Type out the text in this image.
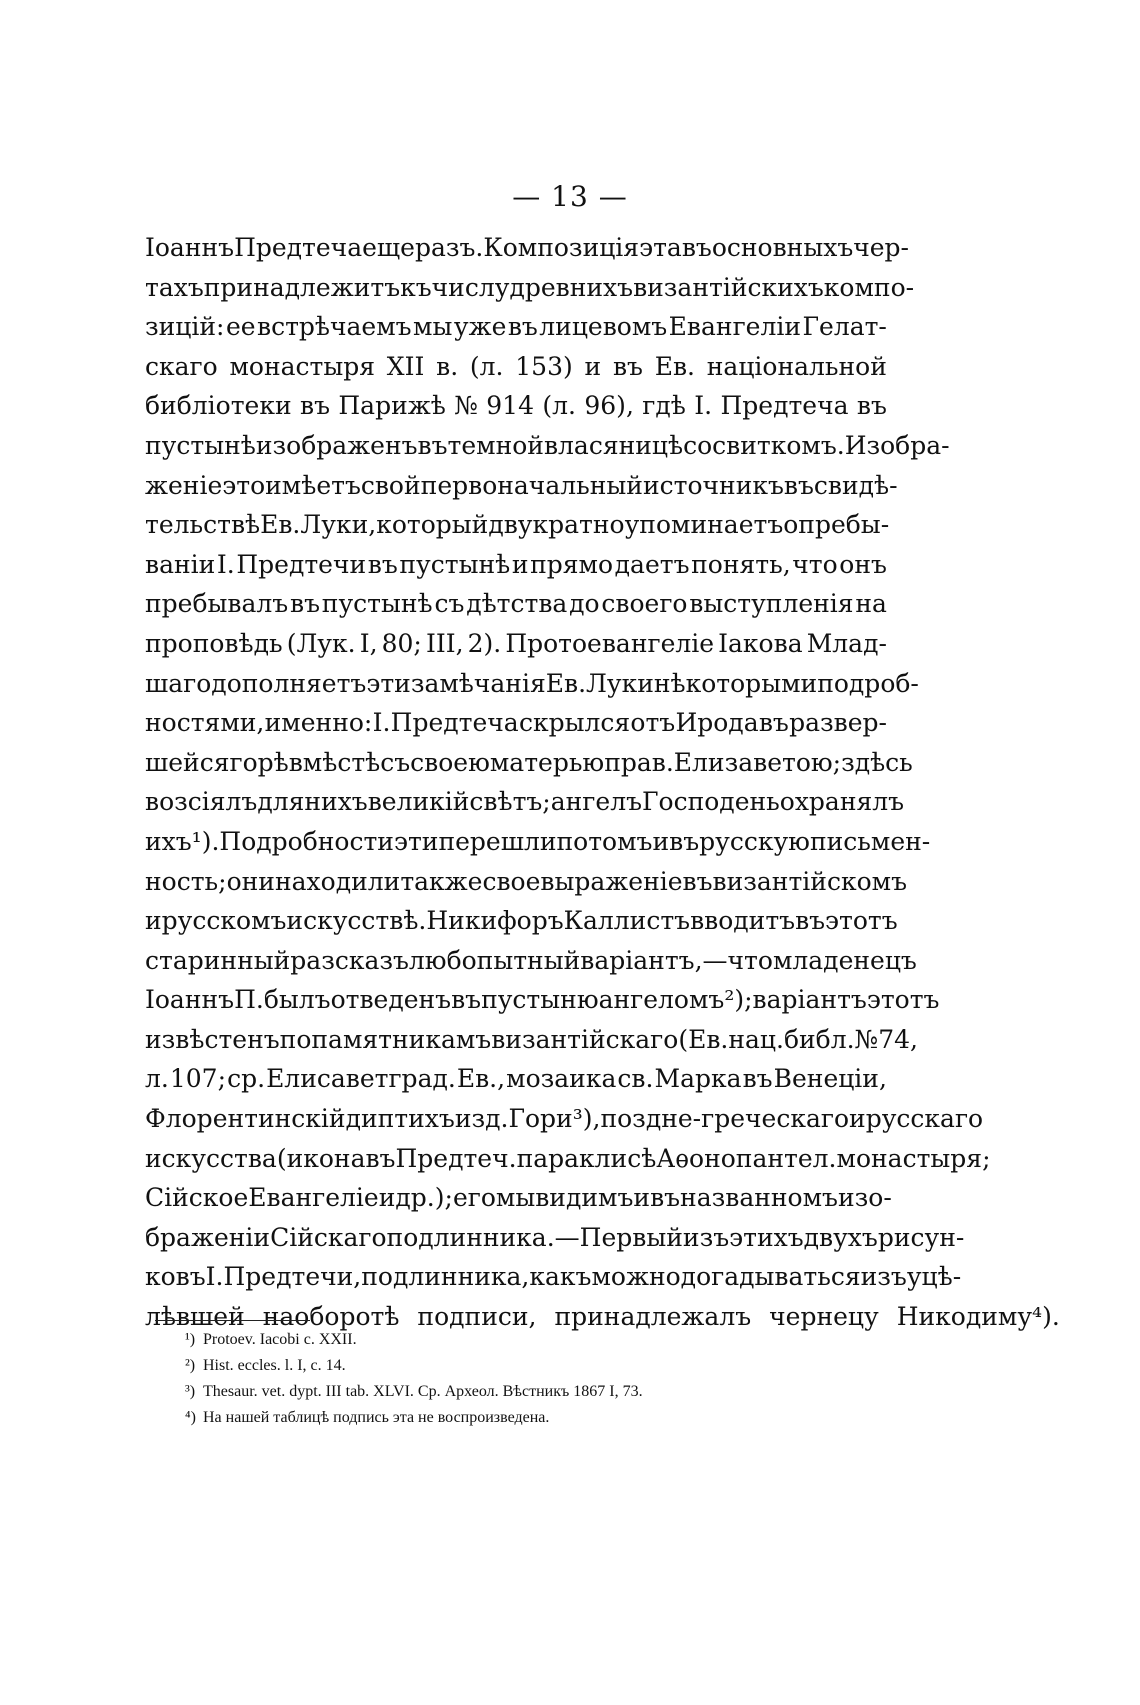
— 13 —
Іоаннъ Предтеча еще разъ. Композиція эта въ основныхъ чер-
тахъ принадлежитъ къ числу древнихъ византійскихъ компо-
зицій: ее встрѣчаемъ мы уже въ лицевомъ Евангеліи Гелат-
скаго монастыря XII в. (л. 153) и въ Ев. національной
библіотеки въ Парижѣ № 914 (л. 96), гдѣ I. Предтеча въ
пустынѣ изображенъ въ темной власяницѣ со свиткомъ. Изобра-
женіе это имѣетъ свой первоначальный источникъ въ свидѣ-
тельствѣ Ев. Луки, который двукратно упоминаетъ о пребы-
ваніи I. Предтечи въ пустынѣ и прямо даетъ понять, что онъ
пребывалъ въ пустынѣ съ дѣтства до своего выступленія на
проповѣдь (Лук. I, 80; III, 2). Протоевангеліе Іакова Млад-
шаго дополняетъ эти замѣчанія Ев. Луки нѣкоторыми подроб-
ностями, именно: I. Предтеча скрылся отъ Ирода въ развер-
шейся горѣ вмѣстѣ съ своею матерью прав. Елизаветою; здѣсь
возсіялъ для нихъ великій свѣтъ; ангелъ Господень охранялъ
ихъ ¹). Подробности эти перешли потомъ и въ русскую письмен-
ность; они находили также свое выраженіе въ византійскомъ
и русскомъ искусствѣ. Никифоръ Каллистъ вводитъ въ этотъ
старинный разсказъ любопытный варіантъ, — что младенецъ
Іоаннъ П. былъ отведенъ въ пустыню ангеломъ ²); варіантъ этотъ
извѣстенъ по памятникамъ византійскаго (Ев. нац. библ. № 74,
л. 107; ср. Елисаветград. Ев., мозаика св. Марка въ Венеціи,
Флорентинскій диптихъ изд. Гори ³), поздне-греческаго и русскаго
искусства (икона въ Предтеч. параклисѣ Аѳонопантел. монастыря;
Сійское Евангеліе и др.); его мы видимъ и въ названномъ изо-
браженіи Сійскаго подлинника.—Первый изъ этихъ двухъ рисун-
ковъ I. Предтечи, подлинника, какъ можно догадываться изъ уцѣ-
лѣвшей наоборотѣ подписи, принадлежалъ чернецу Никодиму⁴).
¹) Protoev. Iacobi c. XXII.
²) Hist. eccles. l. I, c. 14.
³) Thesaur. vet. dypt. III tab. XLVI. Ср. Археол. Вѣстникъ 1867 I, 73.
⁴) На нашей таблицѣ подпись эта не воспроизведена.
